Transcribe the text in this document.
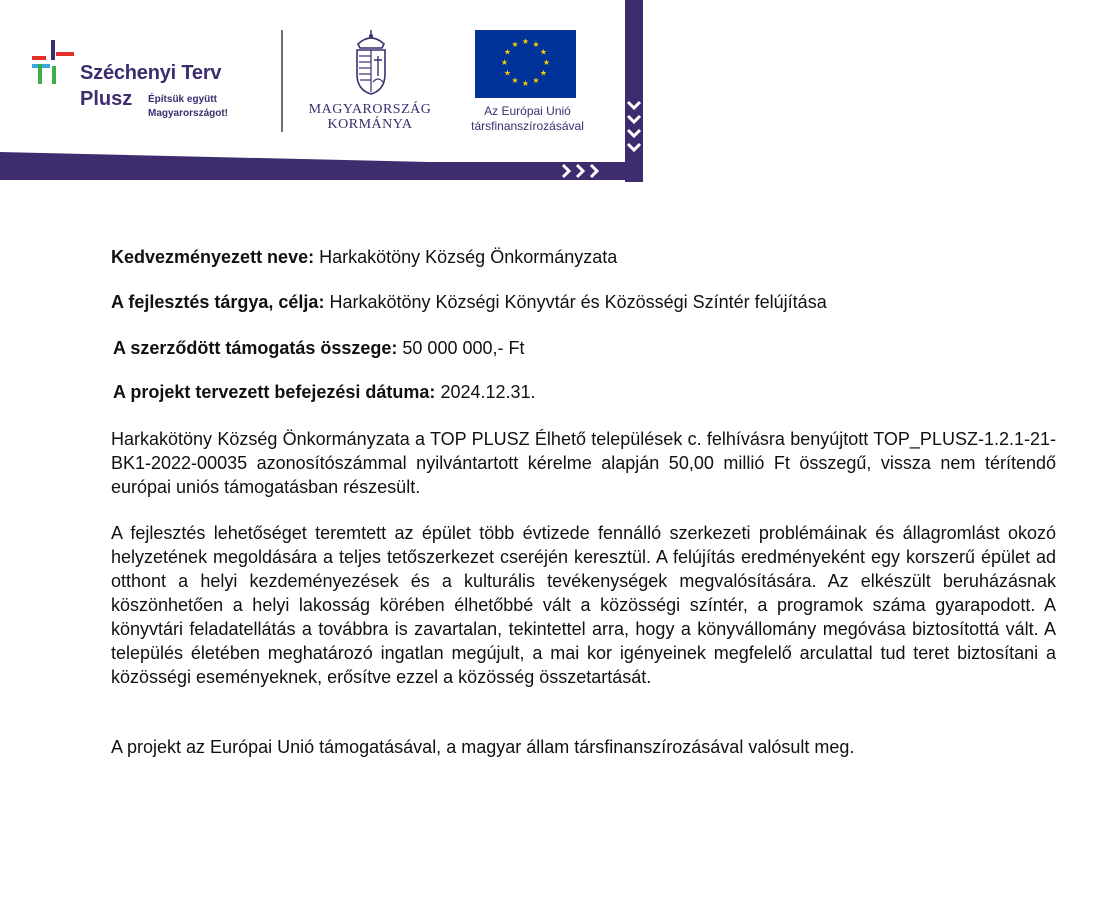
Széchenyi Terv
Plusz Építsük együtt
Magyarországot!	MAGYARORSZÁG
KORMÁNYA
★ ★
★
★
★
★
★
★
★
★
★
★
Az Európai Unió
társfinanszírozásával
Kedvezményezett neve: Harkakötöny Község Önkormányzata
A fejlesztés tárgya, célja: Harkakötöny Községi Könyvtár és Közösségi Színtér felújítása
A szerződött támogatás összege: 50 000 000,- Ft
A projekt tervezett befejezési dátuma: 2024.12.31.

Harkakötöny Község Önkormányzata a TOP PLUSZ Élhető települések c. felhívásra benyújtott TOP_PLUSZ-1.2.1-21-BK1-2022-00035 azonosítószámmal nyilvántartott kérelme alapján 50,00 millió Ft összegű, vissza nem térítendő európai uniós támogatásban részesült.

A fejlesztés lehetőséget teremtett az épület több évtizede fennálló szerkezeti problémáinak és állagromlást okozó helyzetének megoldására a teljes tetőszerkezet cseréjén keresztül. A felújítás eredményeként egy korszerű épület ad otthont a helyi kezdeményezések és a kulturális tevékenységek megvalósítására. Az elkészült beruházásnak köszönhetően a helyi lakosság körében élhetőbbé vált a közösségi színtér, a programok száma gyarapodott. A könyvtári feladatellátás a továbbra is zavartalan, tekintettel arra, hogy a könyvállomány megóvása biztosítottá vált. A település életében meghatározó ingatlan megújult, a mai kor igényeinek megfelelő arculattal tud teret biztosítani a közösségi eseményeknek, erősítve ezzel a közösség összetartását.

A projekt az Európai Unió támogatásával, a magyar állam társfinanszírozásával valósult meg.
